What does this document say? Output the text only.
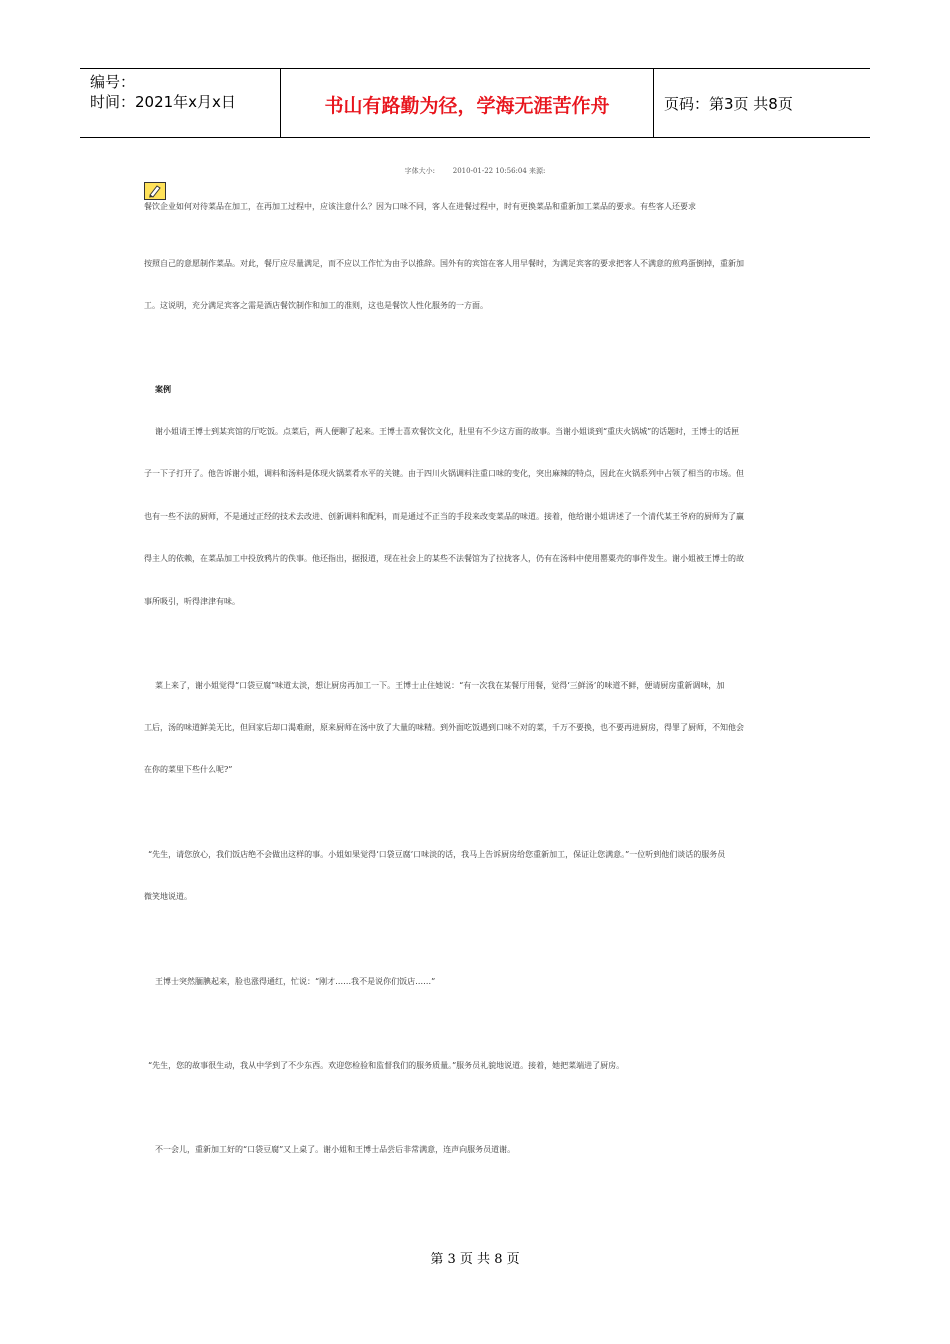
编号：
时间：2021年x月x日	书山有路勤为径，学海无涯苦作舟	页码：第3页 共8页
字体大小:        2010-01-22 10:56:04 来源:
餐饮企业如何对待菜品在加工，在再加工过程中，应该注意什么？因为口味不同，客人在进餐过程中，时有更换菜品和重新加工菜品的要求。有些客人还要求
按照自己的意愿制作菜品。对此，餐厅应尽量满足，而不应以工作忙为由予以推辞。国外有的宾馆在客人用早餐时，为满足宾客的要求把客人不满意的煎鸡蛋倒掉，重新加
工。这说明，充分满足宾客之需是酒店餐饮制作和加工的准则，这也是餐饮人性化服务的一方面。
案例
谢小姐请王博士到某宾馆的厅吃饭。点菜后，两人便聊了起来。王博士喜欢餐饮文化，肚里有不少这方面的故事。当谢小姐谈到“重庆火锅城”的话题时，王博士的话匣
子一下子打开了。他告诉谢小姐，调料和汤料是体现火锅菜肴水平的关键。由于四川火锅调料注重口味的变化，突出麻辣的特点，因此在火锅系列中占领了相当的市场。但
也有一些不法的厨师，不是通过正经的技术去改进、创新调料和配料，而是通过不正当的手段来改变菜品的味道。接着，他给谢小姐讲述了一个清代某王爷府的厨师为了赢
得主人的依赖，在菜品加工中投放鸦片的佚事。他还指出，据报道，现在社会上的某些不法餐馆为了拉拢客人，仍有在汤料中使用罂粟壳的事件发生。谢小姐被王博士的故
事所吸引，听得津津有味。
菜上来了，谢小姐觉得“口袋豆腐”味道太淡，想让厨房再加工一下。王博士止住她说：“有一次我在某餐厅用餐，觉得‘三鲜汤’的味道不鲜，便请厨房重新调味，加
工后，汤的味道鲜美无比，但回家后却口渴难耐，原来厨师在汤中放了大量的味精。到外面吃饭遇到口味不对的菜，千万不要换，也不要再进厨房，得罪了厨师，不知他会
在你的菜里下些什么呢?”
“先生，请您放心，我们饭店绝不会做出这样的事。小姐如果觉得‘口袋豆腐’口味淡的话，我马上告诉厨房给您重新加工，保证让您满意。”一位听到他们谈话的服务员
微笑地说道。
王博士突然腼腆起来，脸也涨得通红，忙说：“刚才……我不是说你们饭店……”
“先生，您的故事很生动，我从中学到了不少东西。欢迎您检验和监督我们的服务质量。”服务员礼貌地说道。接着，她把菜端进了厨房。
不一会儿，重新加工好的“口袋豆腐”又上桌了。谢小姐和王博士品尝后非常满意，连声向服务员道谢。
第 3 页 共 8 页
